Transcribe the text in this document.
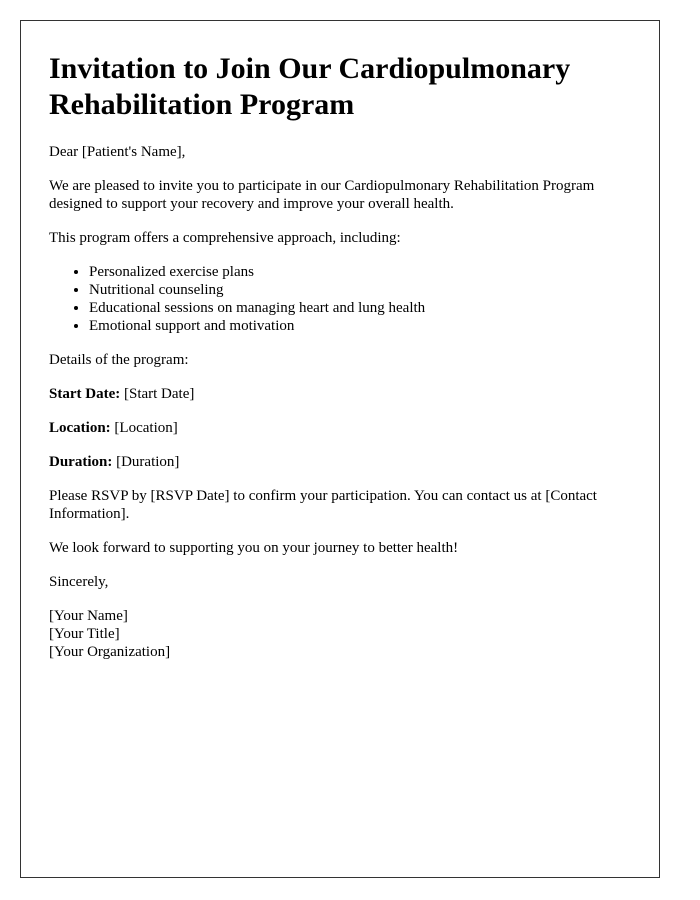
Invitation to Join Our Cardiopulmonary Rehabilitation Program

Dear [Patient's Name],

We are pleased to invite you to participate in our Cardiopulmonary Rehabilitation Program designed to support your recovery and improve your overall health.

This program offers a comprehensive approach, including:

• Personalized exercise plans
• Nutritional counseling
• Educational sessions on managing heart and lung health
• Emotional support and motivation

Details of the program:

Start Date: [Start Date]

Location: [Location]

Duration: [Duration]

Please RSVP by [RSVP Date] to confirm your participation. You can contact us at [Contact Information].

We look forward to supporting you on your journey to better health!

Sincerely,

[Your Name]
[Your Title]
[Your Organization]
